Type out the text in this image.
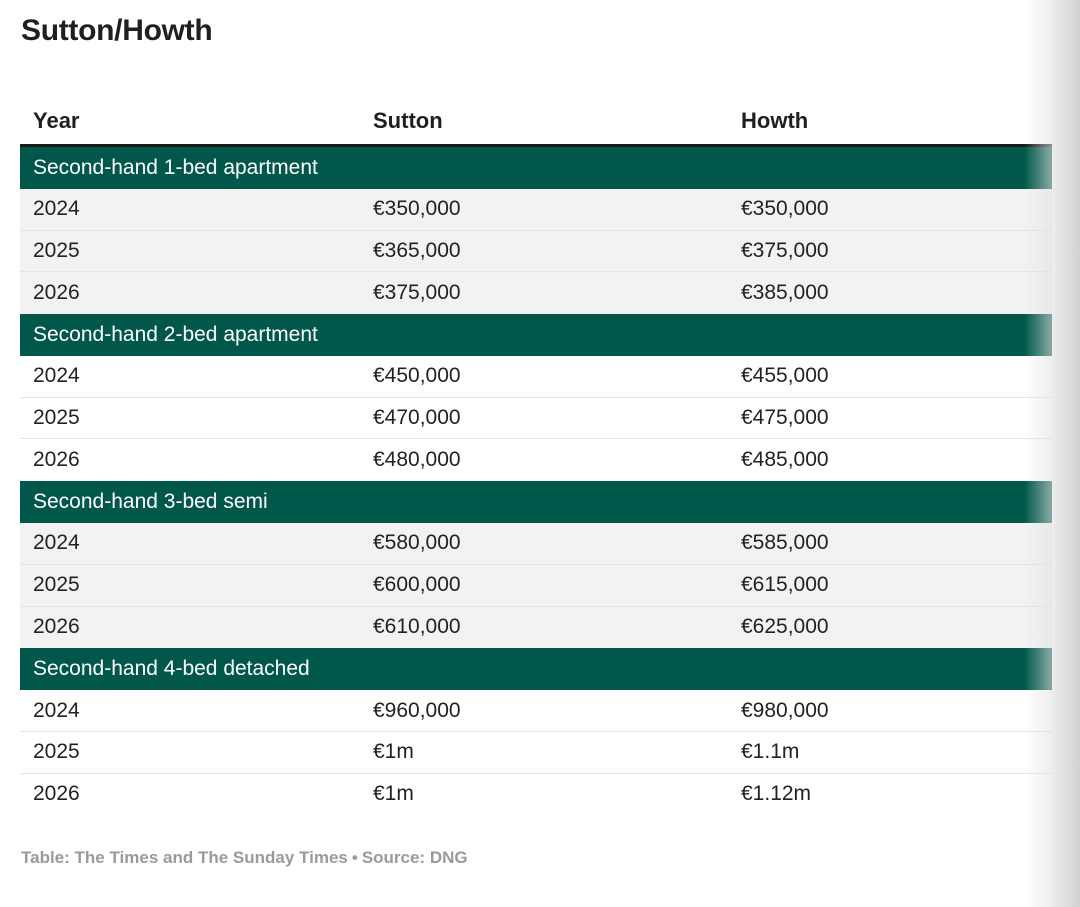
Sutton/Howth
Year	Sutton	Howth
Second-hand 1-bed apartment
2024	€350,000	€350,000
2025	€365,000	€375,000
2026	€375,000	€385,000
Second-hand 2-bed apartment
2024	€450,000	€455,000
2025	€470,000	€475,000
2026	€480,000	€485,000
Second-hand 3-bed semi
2024	€580,000	€585,000
2025	€600,000	€615,000
2026	€610,000	€625,000
Second-hand 4-bed detached
2024	€960,000	€980,000
2025	€1m	€1.1m
2026	€1m	€1.12m
Table: The Times and The Sunday Times • Source: DNG
